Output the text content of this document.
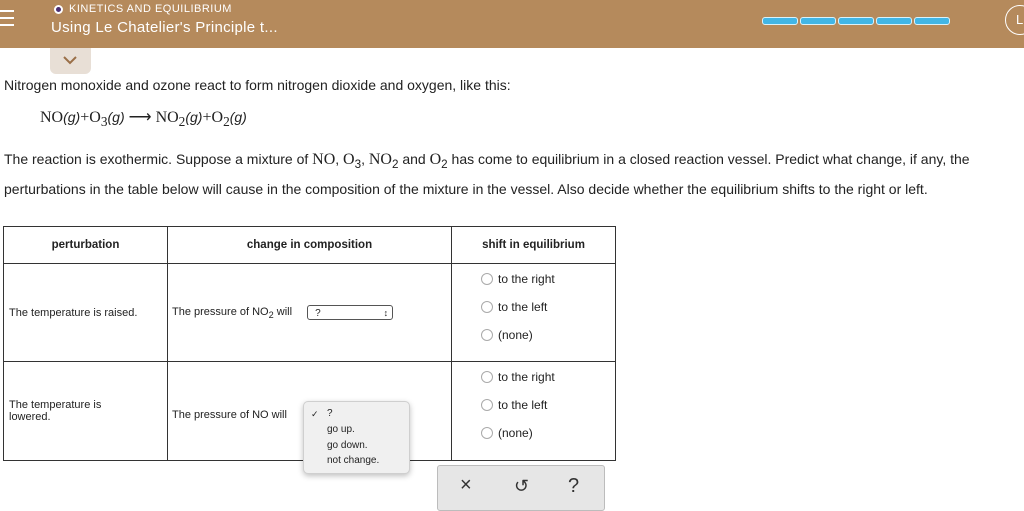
KINETICS AND EQUILIBRIUM
Using Le Chatelier's Principle t...	L
Nitrogen monoxide and ozone react to form nitrogen dioxide and oxygen, like this:
$NO(g)+O_3(g)$ ⟶ $NO_2(g)+O_2(g)$
The reaction is exothermic. Suppose a mixture of NO, $O_3$, $NO_2$ and $O_2$ has come to equilibrium in a closed reaction vessel. Predict what change, if any, the
perturbations in the table below will cause in the composition of the mixture in the vessel. Also decide whether the equilibrium shifts to the right or left.
perturbation	change in composition	shift in equilibrium
The temperature is raised.	The pressure of $NO_2$ will ? ↕	to the right
to the left
(none)

The temperature is lowered.	The pressure of NO will	to the right
to the left
(none)
✓ ?
go up.
go down.
not change.
× ↺ ?
